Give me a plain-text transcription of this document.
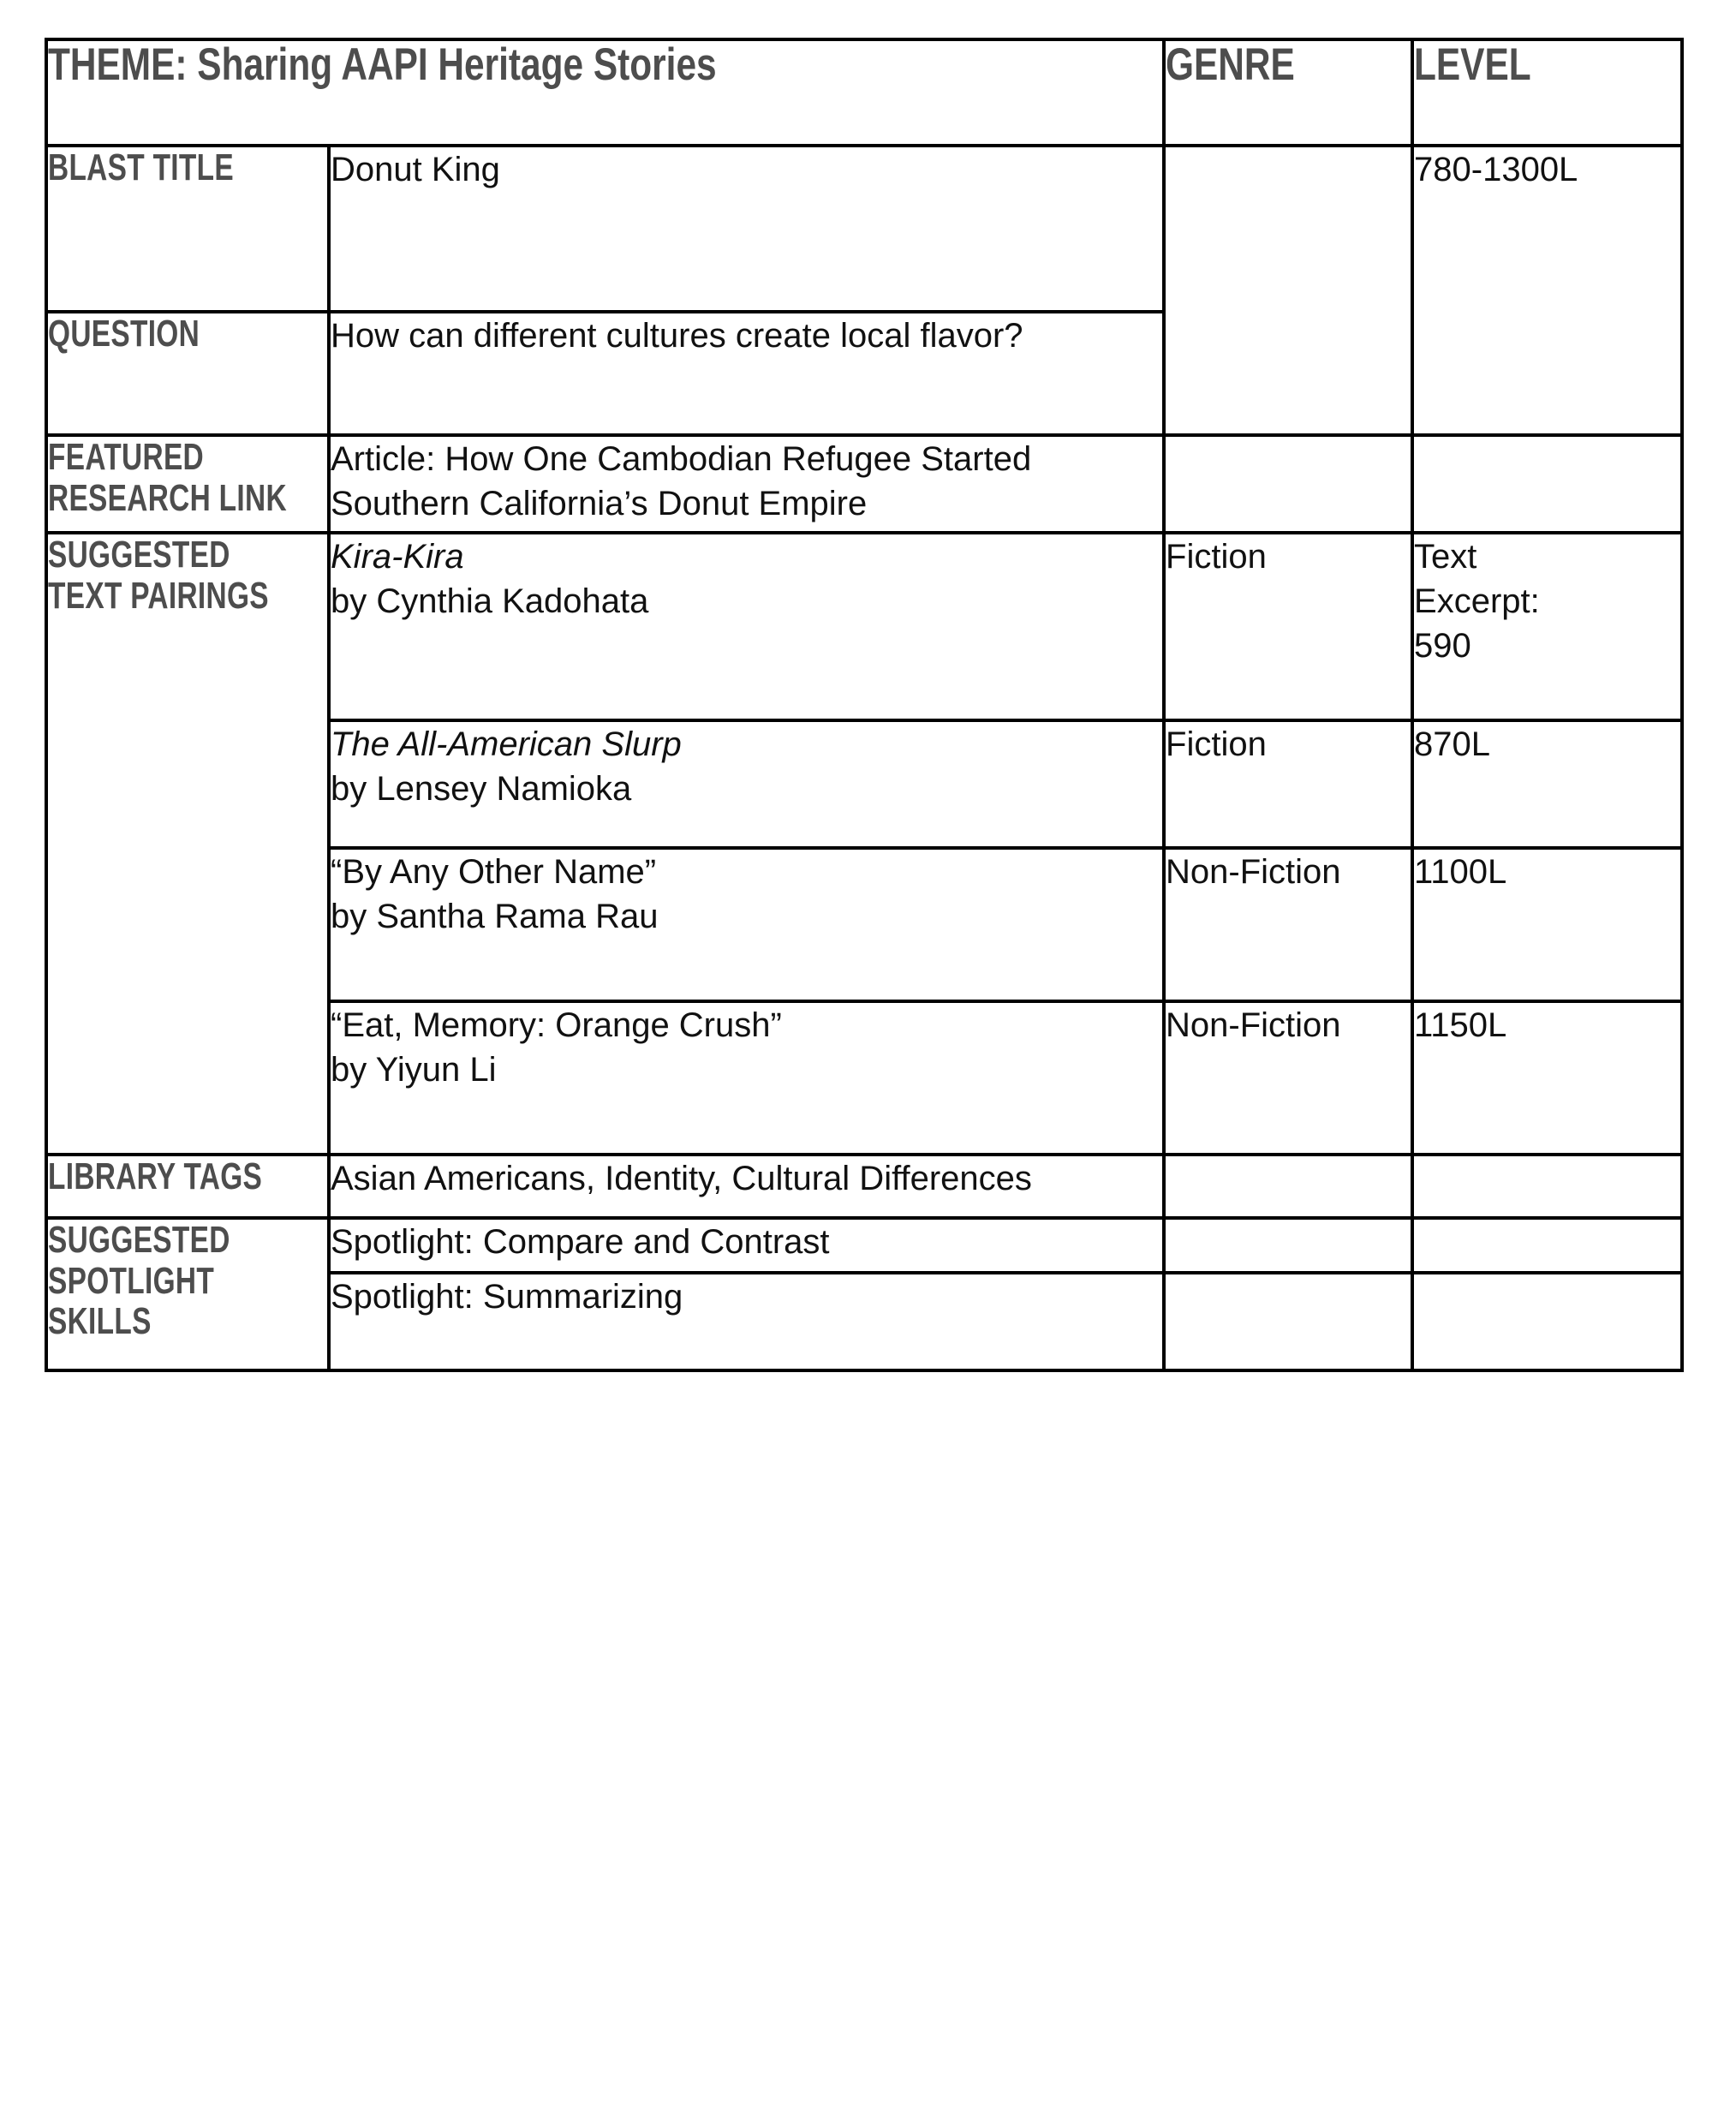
THEME: Sharing AAPI Heritage Stories		GENRE	LEVEL

BLAST TITLE	Donut King		780-1300L

QUESTION	How can different cultures create local flavor?		

FEATURED
RESEARCH LINK	Article: How One Cambodian Refugee Started
Southern California’s Donut Empire		

SUGGESTED
TEXT PAIRINGS	Kira-Kira
by Cynthia Kadohata	Fiction	Text
Excerpt:
590

	The All-American Slurp
by Lensey Namioka	Fiction	870L

	“By Any Other Name”
by Santha Rama Rau	Non-Fiction	1100L

	“Eat, Memory: Orange Crush”
by Yiyun Li	Non-Fiction	1150L

LIBRARY TAGS	Asian Americans, Identity, Cultural Differences		

SUGGESTED
SPOTLIGHT
SKILLS	Spotlight: Compare and Contrast		

	Spotlight: Summarizing		
